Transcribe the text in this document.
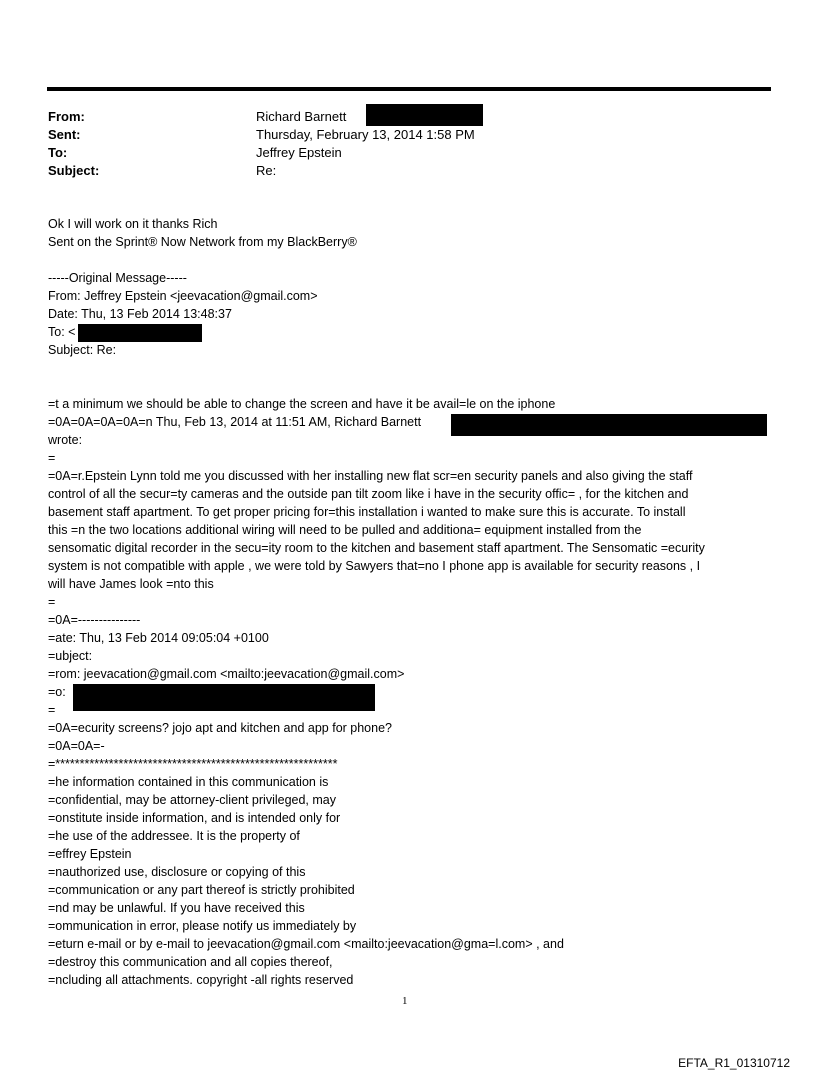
From:	Richard Barnett
Sent:	Thursday, February 13, 2014 1:58 PM
To:	Jeffrey Epstein
Subject:	Re:
Ok I will work on it thanks Rich
Sent on the Sprint® Now Network from my BlackBerry®
-----Original Message-----
From: Jeffrey Epstein <jeevacation@gmail.com>
Date: Thu, 13 Feb 2014 13:48:37
To: <
Subject: Re:
=t a minimum we should be able to change the screen and have it be avail=le on the iphone
=0A=0A=0A=0A=n Thu, Feb 13, 2014 at 11:51 AM, Richard Barnett
wrote:
=
=0A=r.Epstein Lynn told me you discussed with her installing new flat scr=en security panels and also giving the staff
control of all the secur=ty cameras and the outside pan tilt zoom like i have in the security offic= , for the kitchen and
basement staff apartment. To get proper pricing for=this installation i wanted to make sure this is accurate. To install
this =n the two locations additional wiring will need to be pulled and additiona= equipment installed from the
sensomatic digital recorder in the secu=ity room to the kitchen and basement staff apartment. The Sensomatic =ecurity
system is not compatible with apple , we were told by Sawyers that=no I phone app is available for security reasons , I
will have James look =nto this
=
=0A=---------------
=ate: Thu, 13 Feb 2014 09:05:04 +0100
=ubject:
=rom: jeevacation@gmail.com <mailto:jeevacation@gmail.com>
=o:
=
=0A=ecurity screens? jojo apt and kitchen and app for phone?
=0A=0A=-
=**********************************************************
=he information contained in this communication is
=confidential, may be attorney-client privileged, may
=onstitute inside information, and is intended only for
=he use of the addressee. It is the property of
=effrey Epstein
=nauthorized use, disclosure or copying of this
=communication or any part thereof is strictly prohibited
=nd may be unlawful. If you have received this
=ommunication in error, please notify us immediately by
=eturn e-mail or by e-mail to jeevacation@gmail.com <mailto:jeevacation@gma=l.com> , and
=destroy this communication and all copies thereof,
=ncluding all attachments. copyright -all rights reserved
1
EFTA_R1_01310712
